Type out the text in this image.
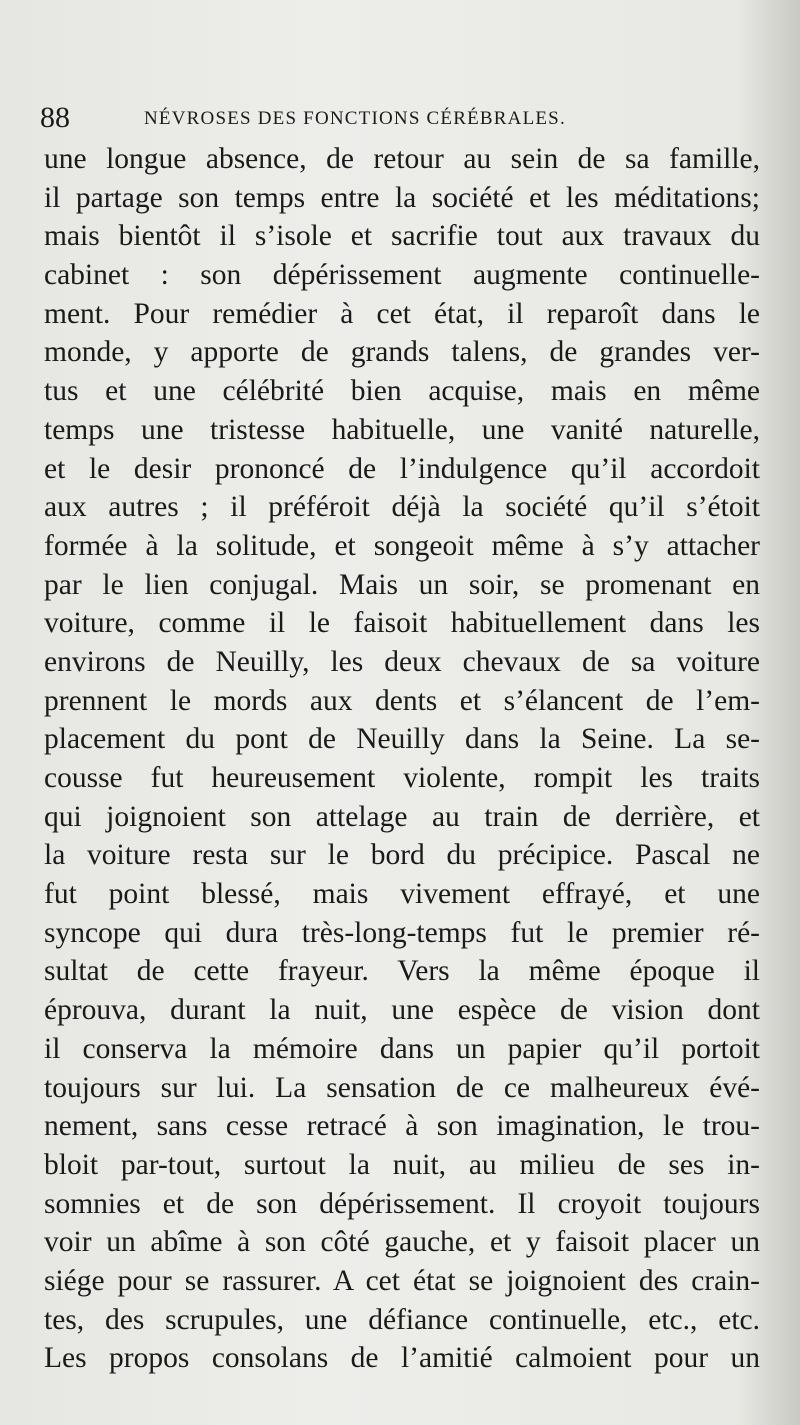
88	NÉVROSES DES FONCTIONS CÉRÉBRALES.
une longue absence, de retour au sein de sa famille,
il partage son temps entre la société et les méditations;
mais bientôt il s’isole et sacrifie tout aux travaux du
cabinet : son dépérissement augmente continuelle-
ment. Pour remédier à cet état, il reparoît dans le
monde, y apporte de grands talens, de grandes ver-
tus et une célébrité bien acquise, mais en même
temps une tristesse habituelle, une vanité naturelle,
et le desir prononcé de l’indulgence qu’il accordoit
aux autres ; il préféroit déjà la société qu’il s’étoit
formée à la solitude, et songeoit même à s’y attacher
par le lien conjugal. Mais un soir, se promenant en
voiture, comme il le faisoit habituellement dans les
environs de Neuilly, les deux chevaux de sa voiture
prennent le mords aux dents et s’élancent de l’em-
placement du pont de Neuilly dans la Seine. La se-
cousse fut heureusement violente, rompit les traits
qui joignoient son attelage au train de derrière, et
la voiture resta sur le bord du précipice. Pascal ne
fut point blessé, mais vivement effrayé, et une
syncope qui dura très-long-temps fut le premier ré-
sultat de cette frayeur. Vers la même époque il
éprouva, durant la nuit, une espèce de vision dont
il conserva la mémoire dans un papier qu’il portoit
toujours sur lui. La sensation de ce malheureux évé-
nement, sans cesse retracé à son imagination, le trou-
bloit par-tout, surtout la nuit, au milieu de ses in-
somnies et de son dépérissement. Il croyoit toujours
voir un abîme à son côté gauche, et y faisoit placer un
siége pour se rassurer. A cet état se joignoient des crain-
tes, des scrupules, une défiance continuelle, etc., etc.
Les propos consolans de l’amitié calmoient pour un
